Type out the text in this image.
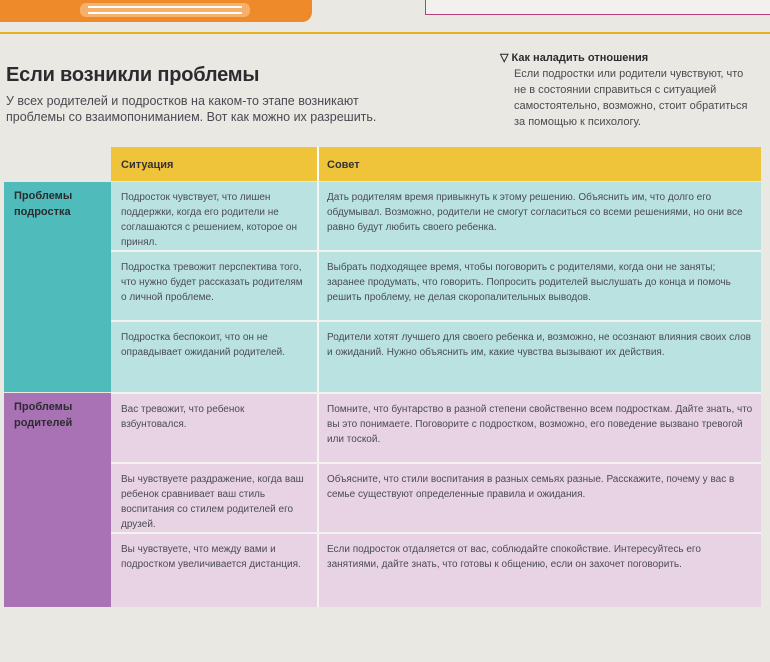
Если возникли проблемы
У всех родителей и подростков на каком-то этапе возникают проблемы со взаимопониманием. Вот как можно их разрешить.
▽ Как наладить отношения
Если подростки или родители чувствуют, что не в состоянии справиться с ситуацией самостоятельно, возможно, стоит обратиться за помощью к психологу.
Ситуация	Совет
Проблемы подростка
Проблемы родителей
Подросток чувствует, что лишен поддержки, когда его родители не соглашаются с решением, которое он принял.
Дать родителям время привыкнуть к этому решению. Объяснить им, что долго его обдумывал. Возможно, родители не смогут согласиться со всеми решениями, но они все равно будут любить своего ребенка.
Подростка тревожит перспектива того, что нужно будет рассказать родителям о личной проблеме.
Выбрать подходящее время, чтобы поговорить с родителями, когда они не заняты; заранее продумать, что говорить. Попросить родителей выслушать до конца и помочь решить проблему, не делая скоропалительных выводов.
Подростка беспокоит, что он не оправдывает ожиданий родителей.
Родители хотят лучшего для своего ребенка и, возможно, не осознают влияния своих слов и ожиданий. Нужно объяснить им, какие чувства вызывают их действия.
Вас тревожит, что ребенок взбунтовался.
Помните, что бунтарство в разной степени свойственно всем подросткам. Дайте знать, что вы это понимаете. Поговорите с подростком, возможно, его поведение вызвано тревогой или тоской.
Вы чувствуете раздражение, когда ваш ребенок сравнивает ваш стиль воспитания со стилем родителей его друзей.
Объясните, что стили воспитания в разных семьях разные. Расскажите, почему у вас в семье существуют определенные правила и ожидания.
Вы чувствуете, что между вами и подростком увеличивается дистанция.
Если подросток отдаляется от вас, соблюдайте спокойствие. Интересуйтесь его занятиями, дайте знать, что готовы к общению, если он захочет поговорить.
